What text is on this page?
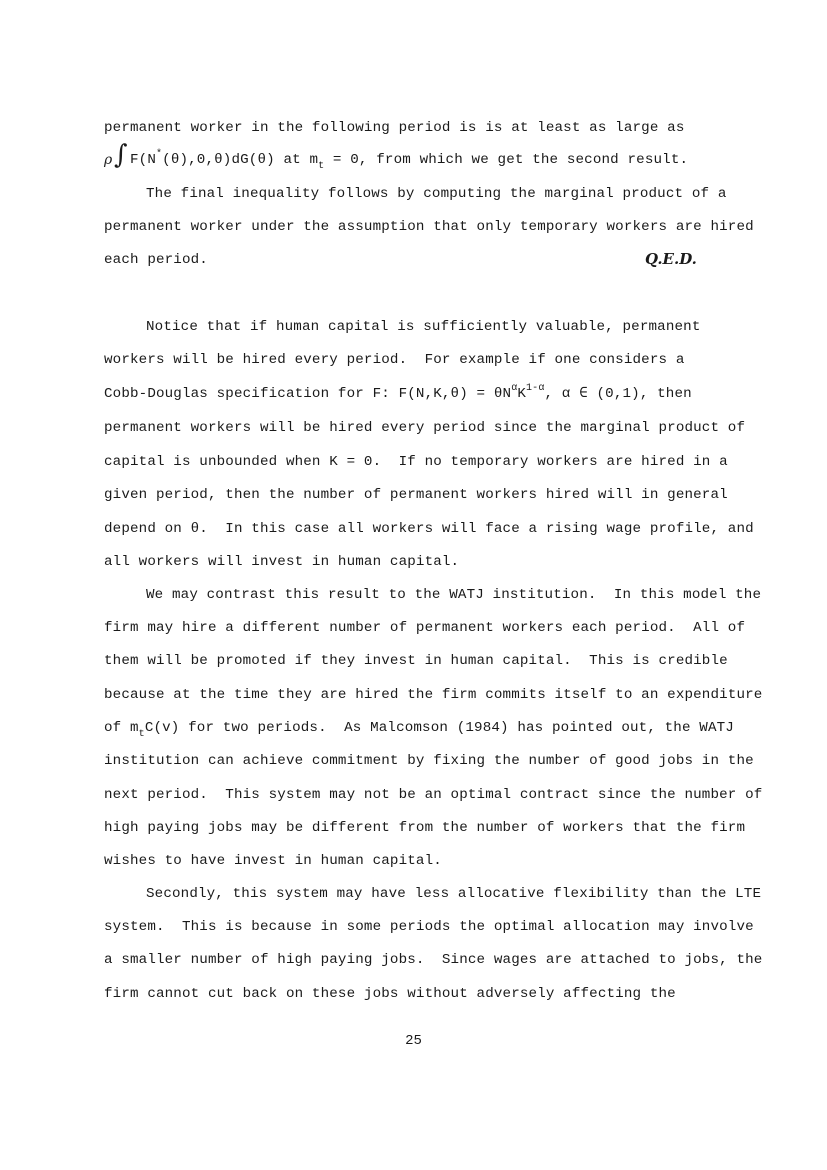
permanent worker in the following period is is at least as large as
ρ ∫ F(N*(θ),0,θ)dG(θ) at $m_t = 0$, from which we get the second result.
The final inequality follows by computing the marginal product of a
permanent worker under the assumption that only temporary workers are hired
each period.	Q.E.D.
Notice that if human capital is sufficiently valuable, permanent
workers will be hired every period.  For example if one considers a
Cobb-Douglas specification for F: $F(N,K,\theta) = \theta N^\alpha K^{1-\alpha}$, α ∈ (0,1), then
permanent workers will be hired every period since the marginal product of
capital is unbounded when K = 0.  If no temporary workers are hired in a
given period, then the number of permanent workers hired will in general
depend on θ.  In this case all workers will face a rising wage profile, and
all workers will invest in human capital.
We may contrast this result to the WATJ institution.  In this model the
firm may hire a different number of permanent workers each period.  All of
them will be promoted if they invest in human capital.  This is credible
because at the time they are hired the firm commits itself to an expenditure
of $m_tC(v)$ for two periods.  As Malcomson (1984) has pointed out, the WATJ
institution can achieve commitment by fixing the number of good jobs in the
next period.  This system may not be an optimal contract since the number of
high paying jobs may be different from the number of workers that the firm
wishes to have invest in human capital.
Secondly, this system may have less allocative flexibility than the LTE
system.  This is because in some periods the optimal allocation may involve
a smaller number of high paying jobs.  Since wages are attached to jobs, the
firm cannot cut back on these jobs without adversely affecting the
25
